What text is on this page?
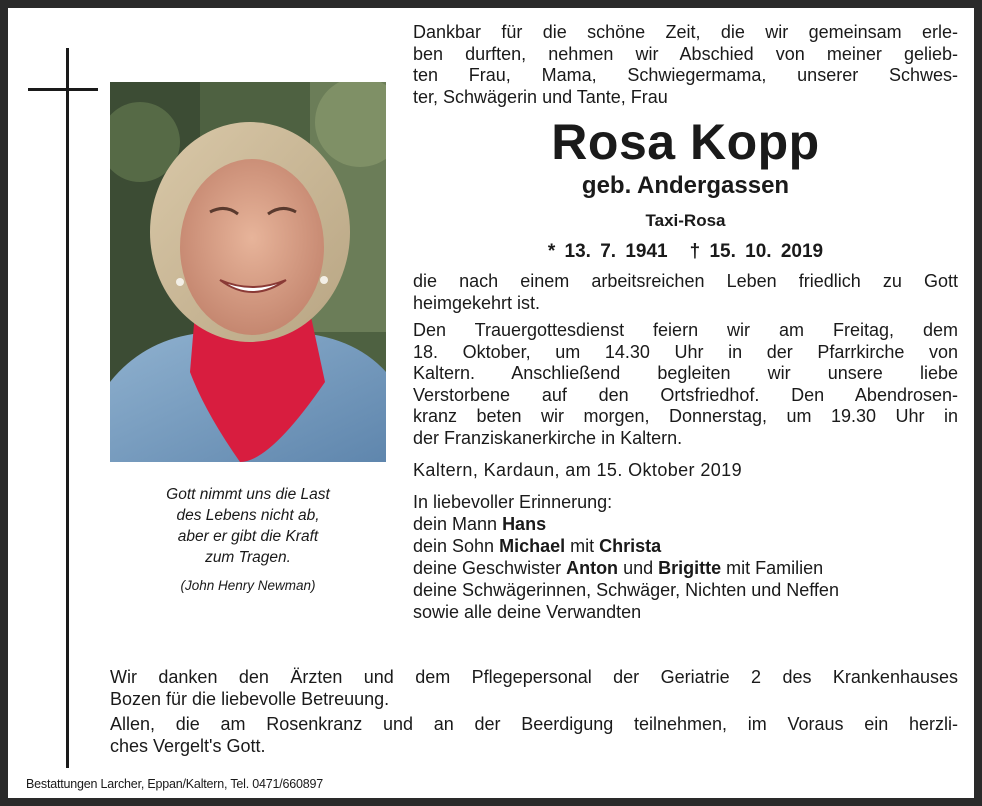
Gott nimmt uns die Last
des Lebens nicht ab,
aber er gibt die Kraft
zum Tragen.
(John Henry Newman)

Dankbar für die schöne Zeit, die wir gemeinsam erle-
ben durften, nehmen wir Abschied von meiner geliеb-
ten Frau, Mama, Schwiegermama, unserer Schwes-
ter, Schwägerin und Tante, Frau

Rosa Kopp
geb. Andergassen
Taxi-Rosa
* 13. 7. 1941 † 15. 10. 2019

die nach einem arbeitsreichen Leben friedlich zu Gott
heimgekehrt ist.

Den Trauergottesdienst feiern wir am Freitag, dem
18. Oktober, um 14.30 Uhr in der Pfarrkirche von
Kaltern. Anschließend begleiten wir unsere liebe
Verstorbene auf den Ortsfriedhof. Den Abendrosen-
kranz beten wir morgen, Donnerstag, um 19.30 Uhr in
der Franziskanerkirche in Kaltern.

Kaltern, Kardaun, am 15. Oktober 2019
In liebevoller Erinnerung:
dein Mann Hans
dein Sohn Michael mit Christa
deine Geschwister Anton und Brigitte mit Familien
deine Schwägerinnen, Schwäger, Nichten und Neffen
sowie alle deine Verwandten

Wir danken den Ärzten und dem Pflegepersonal der Geriatrie 2 des Krankenhauses
Bozen für die liebevolle Betreuung.

Allen, die am Rosenkranz und an der Beerdigung teilnehmen, im Voraus ein herzli-
ches Vergelt's Gott.

Bestattungen Larcher, Eppan/Kaltern, Tel. 0471/660897
